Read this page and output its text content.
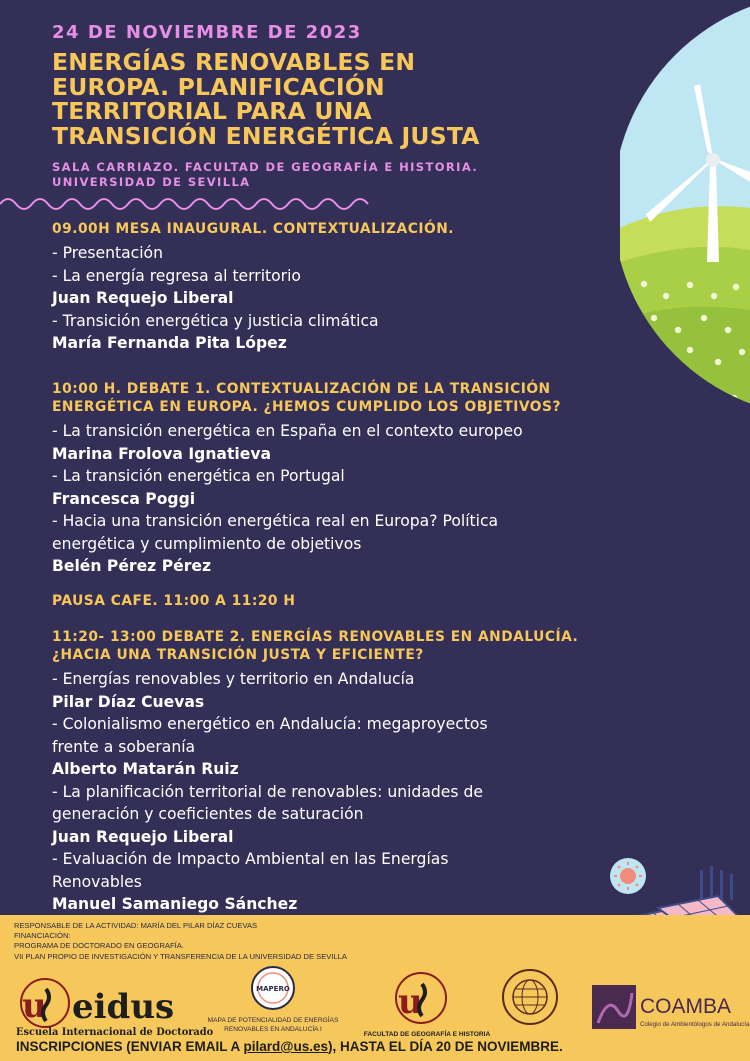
24 DE NOVIEMBRE DE 2023
ENERGÍAS RENOVABLES EN
EUROPA. PLANIFICACIÓN
TERRITORIAL PARA UNA
TRANSICIÓN ENERGÉTICA JUSTA
SALA CARRIAZO. FACULTAD DE GEOGRAFÍA E HISTORIA.
UNIVERSIDAD DE SEVILLA
09.00H MESA INAUGURAL. CONTEXTUALIZACIÓN.
- Presentación
- La energía regresa al territorio
Juan Requejo Liberal
- Transición energética y justicia climática
María Fernanda Pita López
10:00 H. DEBATE 1. CONTEXTUALIZACIÓN DE LA TRANSICIÓN
ENERGÉTICA EN EUROPA. ¿HEMOS CUMPLIDO LOS OBJETIVOS?
- La transición energética en España en el contexto europeo
Marina Frolova Ignatieva
- La transición energética en Portugal
Francesca Poggi
- Hacia una transición energética real en Europa? Política
energética y cumplimiento de objetivos
Belén Pérez Pérez
PAUSA CAFE. 11:00 A 11:20 H
11:20- 13:00 DEBATE 2. ENERGÍAS RENOVABLES EN ANDALUCÍA.
¿HACIA UNA TRANSICIÓN JUSTA Y EFICIENTE?
- Energías renovables y territorio en Andalucía
Pilar Díaz Cuevas
- Colonialismo energético en Andalucía: megaproyectos
frente a soberanía
Alberto Matarán Ruiz
- La planificación territorial de renovables: unidades de
generación y coeficientes de saturación
Juan Requejo Liberal
- Evaluación de Impacto Ambiental en las Energías
Renovables
Manuel Samaniego Sánchez
RESPONSABLE DE LA ACTIVIDAD: MARÍA DEL PILAR DÍAZ CUEVAS
FINANCIACIÓN:
PROGRAMA DE DOCTORADO EN GEOGRAFÍA.
VII PLAN PROPIO DE INVESTIGACIÓN Y TRANSFERENCIA DE LA UNIVERSIDAD DE SEVILLA
u eidus
Escuela Internacional de Doctorado
MAPERO
MAPA DE POTENCIALIDAD DE ENERGÍAS
RENOVABLES EN ANDALUCÍA I
u
FACULTAD DE GEOGRAFÍA E HISTORIA
COAMBA
Colegio de Ambientólogos de Andalucía
INSCRIPCIONES (ENVIAR EMAIL A pilard@us.es), HASTA EL DÍA 20 DE NOVIEMBRE.
